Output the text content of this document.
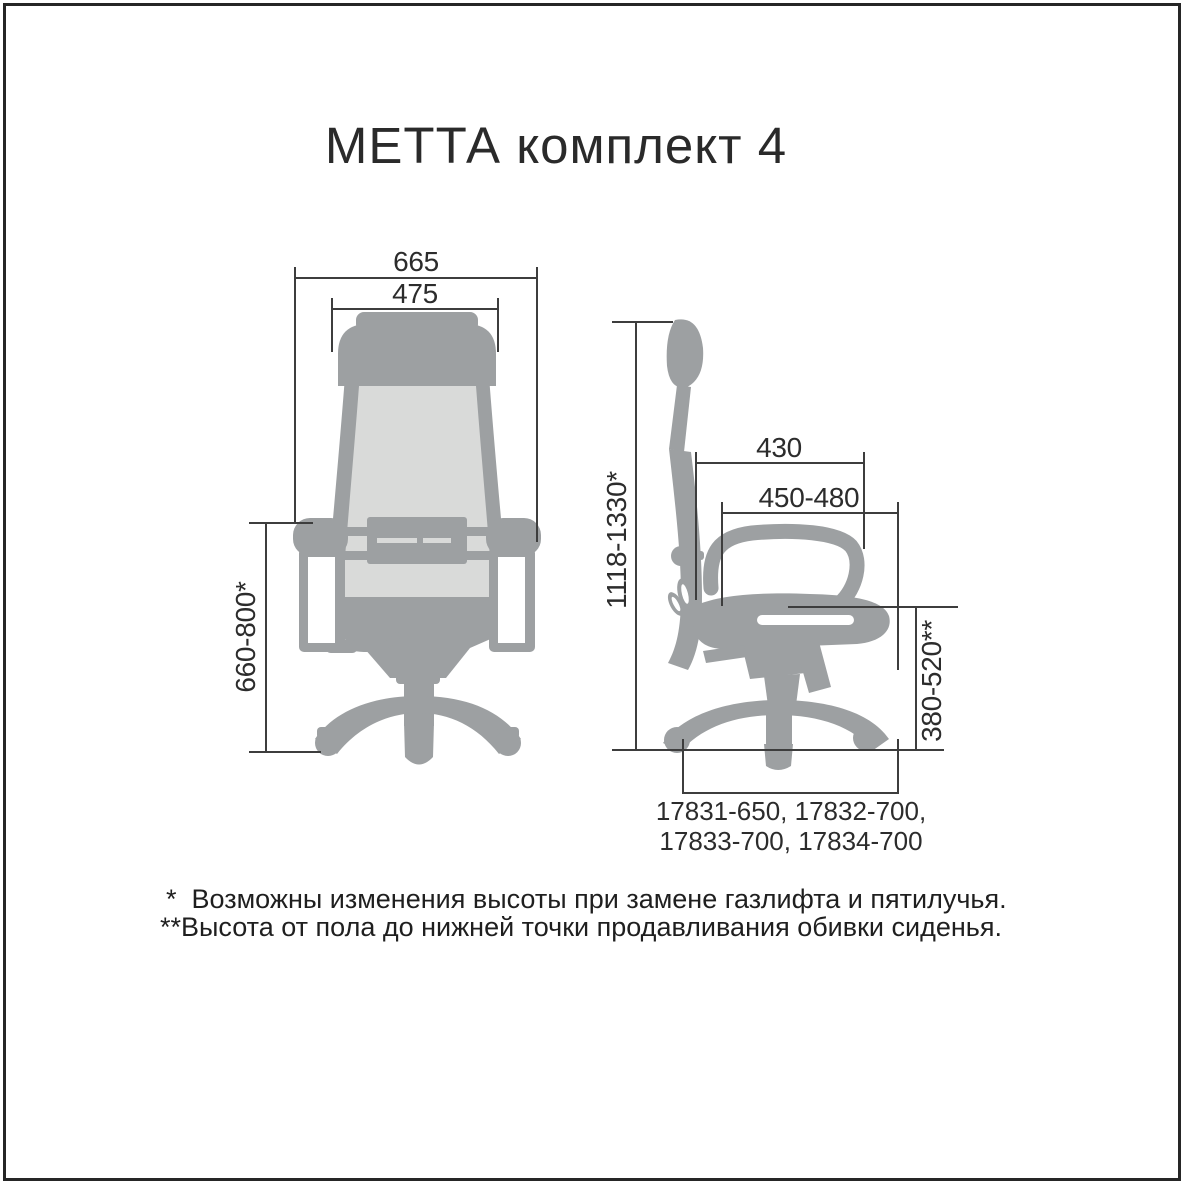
МЕТТА комплект 4
665
475
660-800*
430
450-480
1118-1330*
380-520**
17831-650, 17832-700,
17833-700, 17834-700
*  Возможны изменения высоты при замене газлифта и пятилучья.
**Высота от пола до нижней точки продавливания обивки сиденья.
